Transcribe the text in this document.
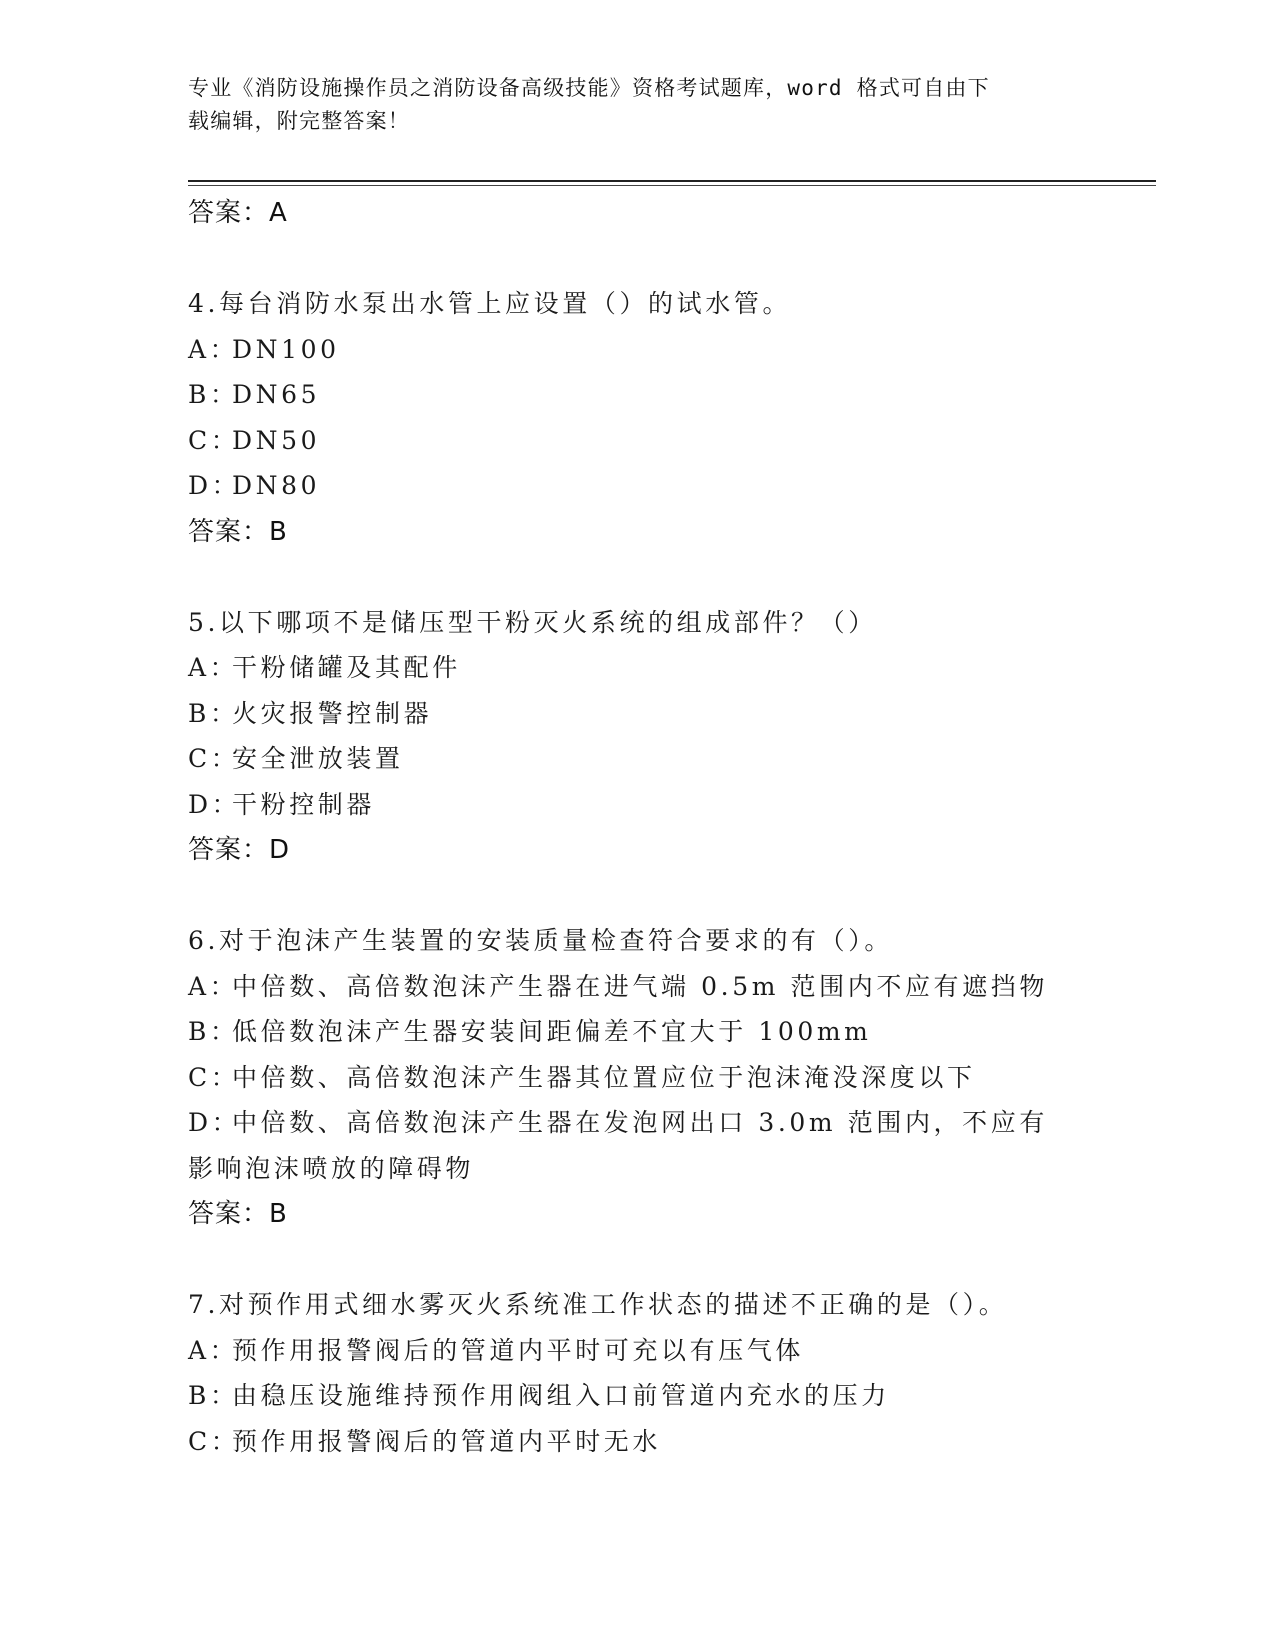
专业《消防设施操作员之消防设备高级技能》资格考试题库，word 格式可自由下
载编辑，附完整答案！
答案：A
4.每台消防水泵出水管上应设置（）的试水管。
A：DN100
B：DN65
C：DN50
D：DN80
答案：B
5.以下哪项不是储压型干粉灭火系统的组成部件？（）
A：干粉储罐及其配件
B：火灾报警控制器
C：安全泄放装置
D：干粉控制器
答案：D
6.对于泡沫产生装置的安装质量检查符合要求的有（）。
A：中倍数、高倍数泡沫产生器在进气端 0.5m 范围内不应有遮挡物
B：低倍数泡沫产生器安装间距偏差不宜大于 100mm
C：中倍数、高倍数泡沫产生器其位置应位于泡沫淹没深度以下
D：中倍数、高倍数泡沫产生器在发泡网出口 3.0m 范围内，不应有影响泡沫喷放的障碍物
答案：B
7.对预作用式细水雾灭火系统准工作状态的描述不正确的是（）。
A：预作用报警阀后的管道内平时可充以有压气体
B：由稳压设施维持预作用阀组入口前管道内充水的压力
C：预作用报警阀后的管道内平时无水
